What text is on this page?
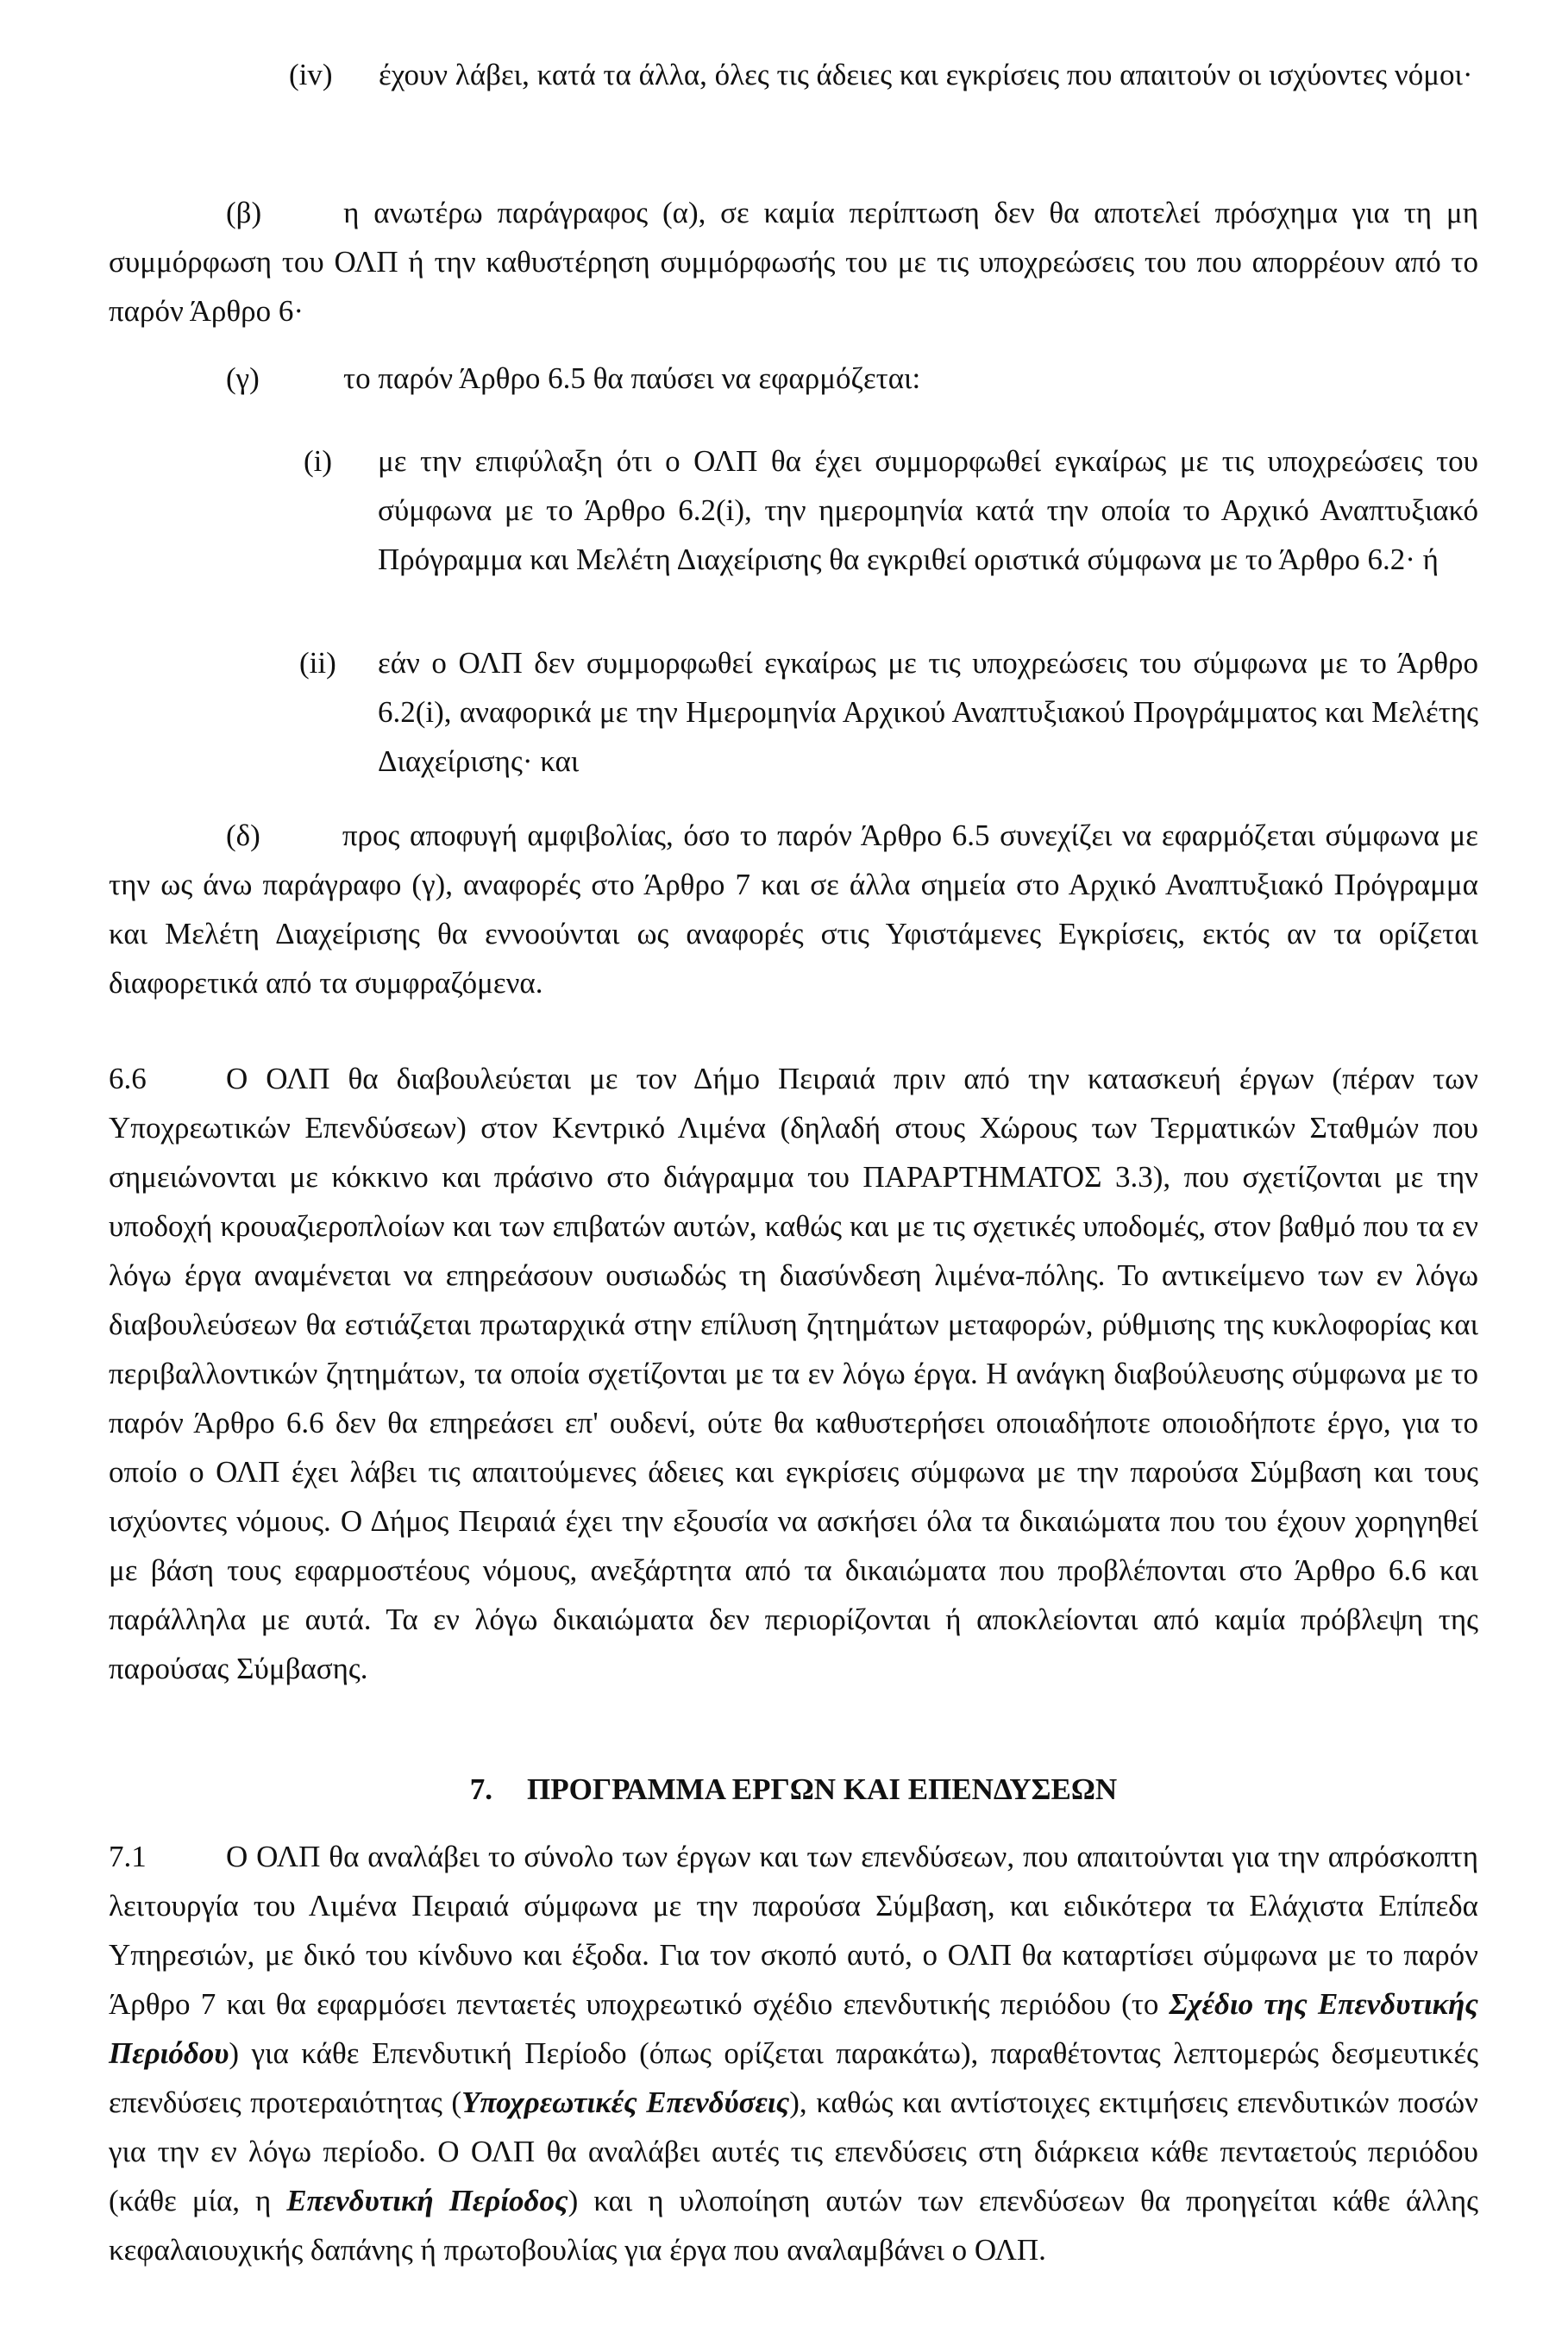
(iv)	έχουν λάβει, κατά τα άλλα, όλες τις άδειες και εγκρίσεις που απαιτούν οι ισχύοντες νόμοι·

(β)	η ανωτέρω παράγραφος (α), σε καμία περίπτωση δεν θα αποτελεί πρόσχημα για τη μη συμμόρφωση του ΟΛΠ ή την καθυστέρηση συμμόρφωσής του με τις υποχρεώσεις του που απορρέουν από το παρόν Άρθρο 6·

(γ)	το παρόν Άρθρο 6.5 θα παύσει να εφαρμόζεται:

(i)	με την επιφύλαξη ότι ο ΟΛΠ θα έχει συμμορφωθεί εγκαίρως με τις υποχρεώσεις του σύμφωνα με το Άρθρο 6.2(i), την ημερομηνία κατά την οποία το Αρχικό Αναπτυξιακό Πρόγραμμα και Μελέτη Διαχείρισης θα εγκριθεί οριστικά σύμφωνα με το Άρθρο 6.2· ή

(ii)	εάν ο ΟΛΠ δεν συμμορφωθεί εγκαίρως με τις υποχρεώσεις του σύμφωνα με το Άρθρο 6.2(i), αναφορικά με την Ημερομηνία Αρχικού Αναπτυξιακού Προγράμματος και Μελέτης Διαχείρισης· και

(δ)	προς αποφυγή αμφιβολίας, όσο το παρόν Άρθρο 6.5 συνεχίζει να εφαρμόζεται σύμφωνα με την ως άνω παράγραφο (γ), αναφορές στο Άρθρο 7 και σε άλλα σημεία στο Αρχικό Αναπτυξιακό Πρόγραμμα και Μελέτη Διαχείρισης θα εννοούνται ως αναφορές στις Υφιστάμενες Εγκρίσεις, εκτός αν τα ορίζεται διαφορετικά από τα συμφραζόμενα.

6.6	Ο ΟΛΠ θα διαβουλεύεται με τον Δήμο Πειραιά πριν από την κατασκευή έργων (πέραν των Υποχρεωτικών Επενδύσεων) στον Κεντρικό Λιμένα (δηλαδή στους Χώρους των Τερματικών Σταθμών που σημειώνονται με κόκκινο και πράσινο στο διάγραμμα του ΠΑΡΑΡΤΗΜΑΤΟΣ 3.3), που σχετίζονται με την υποδοχή κρουαζιεροπλοίων και των επιβατών αυτών, καθώς και με τις σχετικές υποδομές, στον βαθμό που τα εν λόγω έργα αναμένεται να επηρεάσουν ουσιωδώς τη διασύνδεση λιμένα-πόλης. Το αντικείμενο των εν λόγω διαβουλεύσεων θα εστιάζεται πρωταρχικά στην επίλυση ζητημάτων μεταφορών, ρύθμισης της κυκλοφορίας και περιβαλλοντικών ζητημάτων, τα οποία σχετίζονται με τα εν λόγω έργα. Η ανάγκη διαβούλευσης σύμφωνα με το παρόν Άρθρο 6.6 δεν θα επηρεάσει επ' ουδενί, ούτε θα καθυστερήσει οποιαδήποτε οποιοδήποτε έργο, για το οποίο ο ΟΛΠ έχει λάβει τις απαιτούμενες άδειες και εγκρίσεις σύμφωνα με την παρούσα Σύμβαση και τους ισχύοντες νόμους. Ο Δήμος Πειραιά έχει την εξουσία να ασκήσει όλα τα δικαιώματα που του έχουν χορηγηθεί με βάση τους εφαρμοστέους νόμους, ανεξάρτητα από τα δικαιώματα που προβλέπονται στο Άρθρο 6.6 και παράλληλα με αυτά. Τα εν λόγω δικαιώματα δεν περιορίζονται ή αποκλείονται από καμία πρόβλεψη της παρούσας Σύμβασης.

7. ΠΡΟΓΡΑΜΜΑ ΕΡΓΩΝ ΚΑΙ ΕΠΕΝΔΥΣΕΩΝ

7.1	Ο ΟΛΠ θα αναλάβει το σύνολο των έργων και των επενδύσεων, που απαιτούνται για την απρόσκοπτη λειτουργία του Λιμένα Πειραιά σύμφωνα με την παρούσα Σύμβαση, και ειδικότερα τα Ελάχιστα Επίπεδα Υπηρεσιών, με δικό του κίνδυνο και έξοδα. Για τον σκοπό αυτό, ο ΟΛΠ θα καταρτίσει σύμφωνα με το παρόν Άρθρο 7 και θα εφαρμόσει πενταετές υποχρεωτικό σχέδιο επενδυτικής περιόδου (το Σχέδιο της Επενδυτικής Περιόδου) για κάθε Επενδυτική Περίοδο (όπως ορίζεται παρακάτω), παραθέτοντας λεπτομερώς δεσμευτικές επενδύσεις προτεραιότητας (Υποχρεωτικές Επενδύσεις), καθώς και αντίστοιχες εκτιμήσεις επενδυτικών ποσών για την εν λόγω περίοδο. Ο ΟΛΠ θα αναλάβει αυτές τις επενδύσεις στη διάρκεια κάθε πενταετούς περιόδου (κάθε μία, η Επενδυτική Περίοδος) και η υλοποίηση αυτών των επενδύσεων θα προηγείται κάθε άλλης κεφαλαιουχικής δαπάνης ή πρωτοβουλίας για έργα που αναλαμβάνει ο ΟΛΠ.
